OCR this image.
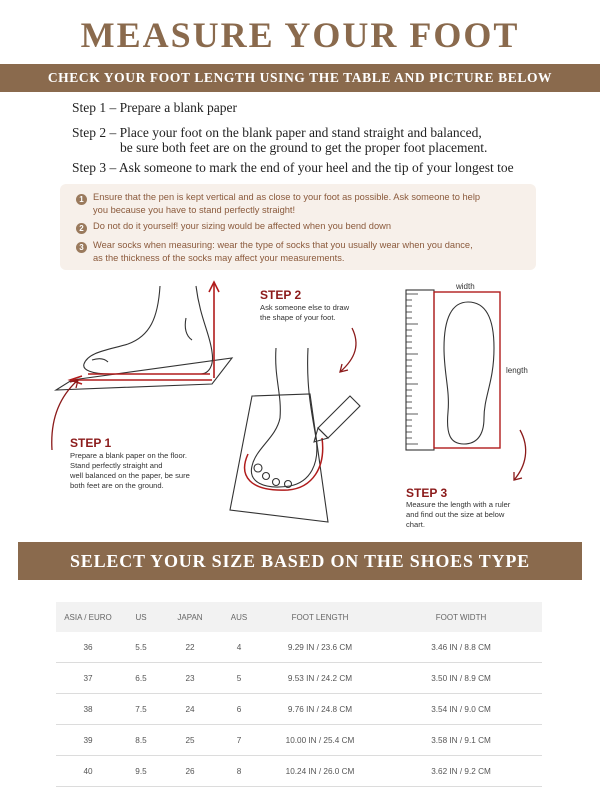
MEASURE YOUR FOOT
CHECK YOUR FOOT LENGTH USING THE TABLE AND PICTURE BELOW
Step 1 – Prepare a blank paper
Step 2 – Place your foot on the blank paper and stand straight and balanced,
be sure both feet are on the ground to get the proper foot placement.
Step 3 – Ask someone to mark the end of your heel and the tip of your longest toe
1 Ensure that the pen is kept vertical and as close to your foot as possible. Ask someone to help
you because you have to stand perfectly straight!
2 Do not do it yourself! your sizing would be affected when you bend down
3 Wear socks when measuring: wear the type of socks that you usually wear when you dance,
as the thickness of the socks may affect your measurements.
STEP 1
Prepare a blank paper on the floor.
Stand perfectly straight and
well balanced on the paper, be sure
both feet are on the ground.
STEP 2
Ask someone else to draw
the shape of your foot.
width
length
STEP 3
Measure the length with a ruler
and find out the size at below
chart.
SELECT YOUR SIZE BASED ON THE SHOES TYPE
ASIA / EURO	US	JAPAN	AUS	FOOT LENGTH	FOOT WIDTH
36	5.5	22	4	9.29 IN / 23.6 CM	3.46 IN / 8.8 CM
37	6.5	23	5	9.53 IN / 24.2 CM	3.50 IN / 8.9 CM
38	7.5	24	6	9.76 IN / 24.8 CM	3.54 IN / 9.0 CM
39	8.5	25	7	10.00 IN / 25.4 CM	3.58 IN / 9.1 CM
40	9.5	26	8	10.24 IN / 26.0 CM	3.62 IN / 9.2 CM
